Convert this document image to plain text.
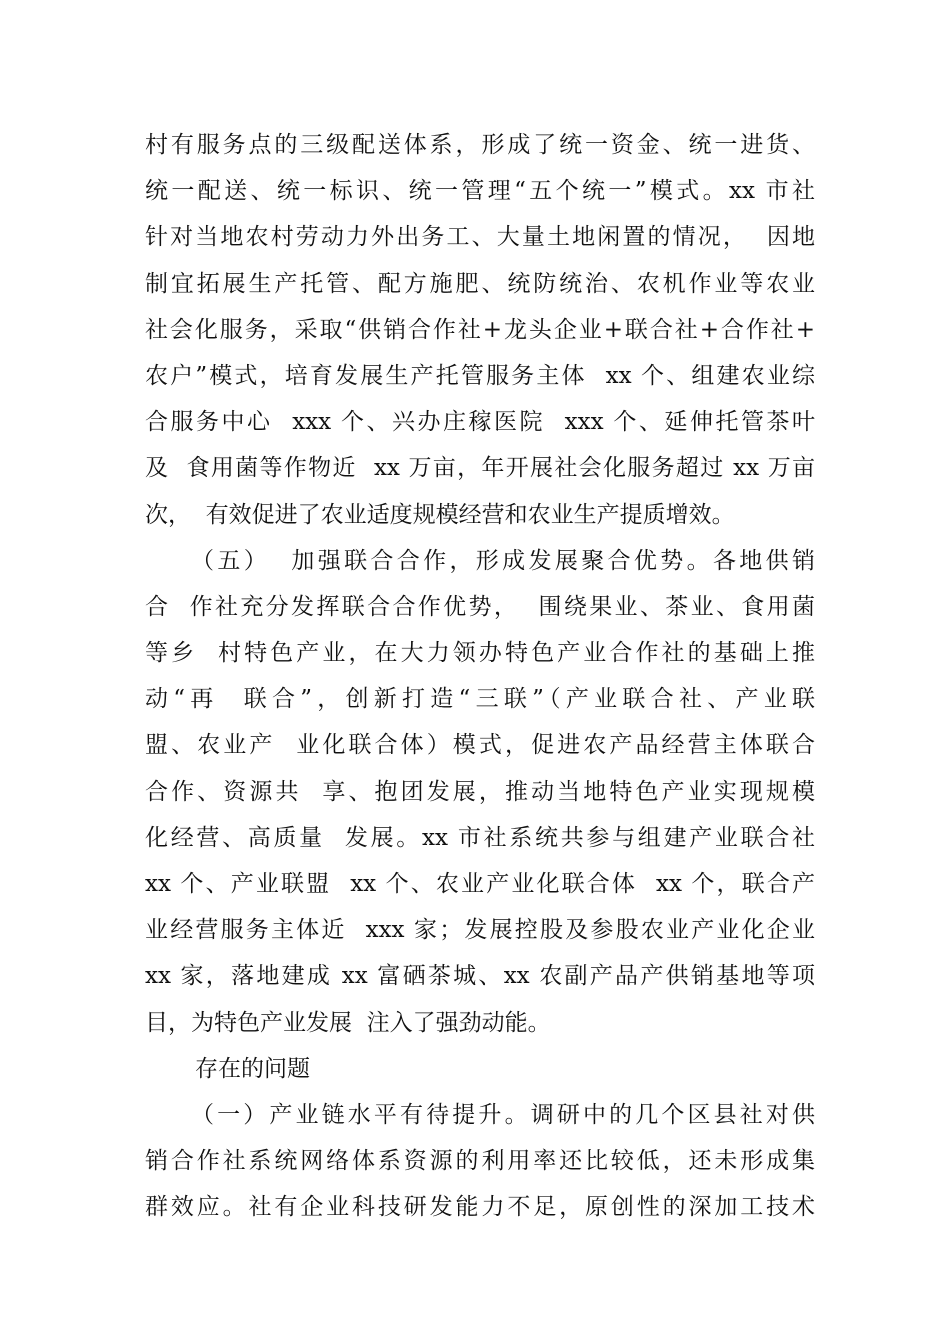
村有服务点的三级配送体系，形成了统一资金、统一进货、
统一配送、统一标识、统一管理“五个统一”模式。xx 市社
针对当地农村劳动力外出务工、大量土地闲置的情况，  因地
制宜拓展生产托管、配方施肥、统防统治、农机作业等农业
社会化服务，采取“供销合作社+龙头企业+联合社+合作社+
农户”模式，培育发展生产托管服务主体  xx 个、组建农业综
合服务中心  xxx 个、兴办庄稼医院  xxx 个、延伸托管茶叶
及  食用菌等作物近  xx 万亩，年开展社会化服务超过 xx 万亩
次，  有效促进了农业适度规模经营和农业生产提质增效。
（五）  加强联合合作，形成发展聚合优势。各地供销
合  作社充分发挥联合合作优势，  围绕果业、茶业、食用菌
等乡  村特色产业，在大力领办特色产业合作社的基础上推
动“再  联合”，创新打造“三联”（产业联合社、产业联
盟、农业产  业化联合体）模式，促进农产品经营主体联合
合作、资源共  享、抱团发展，推动当地特色产业实现规模
化经营、高质量  发展。xx 市社系统共参与组建产业联合社
xx 个、产业联盟  xx 个、农业产业化联合体  xx 个，联合产
业经营服务主体近  xxx 家；发展控股及参股农业产业化企业
xx 家，落地建成 xx 富硒茶城、xx 农副产品产供销基地等项
目，为特色产业发展  注入了强劲动能。
存在的问题
（一）产业链水平有待提升。调研中的几个区县社对供
销合作社系统网络体系资源的利用率还比较低，还未形成集
群效应。社有企业科技研发能力不足，原创性的深加工技术
